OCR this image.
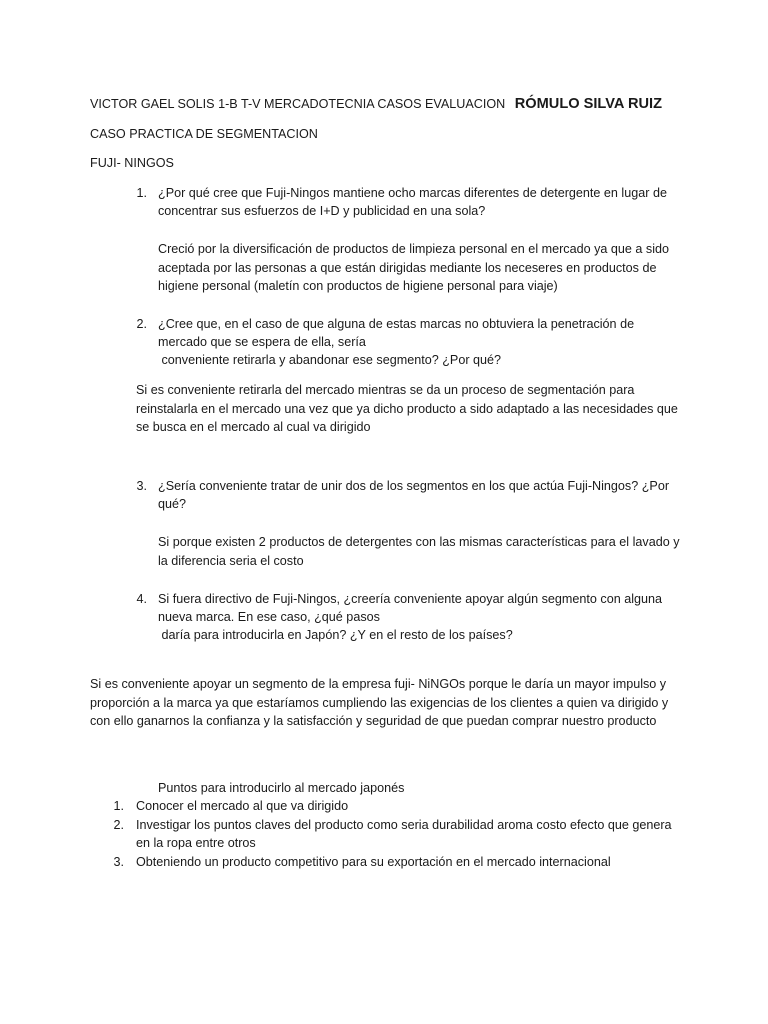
VICTOR GAEL SOLIS 1-B T-V MERCADOTECNIA CASOS EVALUACION RÓMULO SILVA RUIZ
CASO PRACTICA DE SEGMENTACION
FUJI- NINGOS
1. ¿Por qué cree que Fuji-Ningos mantiene ocho marcas diferentes de detergente en lugar de
concentrar sus esfuerzos de I+D y publicidad en una sola?
Creció por la diversificación de productos de limpieza personal en el mercado ya que a sido
aceptada por las personas a que están dirigidas mediante los neceseres en productos de
higiene personal (maletín con productos de higiene personal para viaje)
2. ¿Cree que, en el caso de que alguna de estas marcas no obtuviera la penetración de
mercado que se espera de ella, sería
conveniente retirarla y abandonar ese segmento? ¿Por qué?
Si es conveniente retirarla del mercado mientras se da un proceso de segmentación para
reinstalarla en el mercado una vez que ya dicho producto a sido adaptado a las necesidades que
se busca en el mercado al cual va dirigido
3. ¿Sería conveniente tratar de unir dos de los segmentos en los que actúa Fuji-Ningos? ¿Por
qué?
Si porque existen 2 productos de detergentes con las mismas características para el lavado y
la diferencia seria el costo
4. Si fuera directivo de Fuji-Ningos, ¿creería conveniente apoyar algún segmento con alguna
nueva marca. En ese caso, ¿qué pasos
daría para introducirla en Japón? ¿Y en el resto de los países?
Si es conveniente apoyar un segmento de la empresa fuji- NiNGOs porque le daría un mayor impulso y
proporción a la marca ya que estaríamos cumpliendo las exigencias de los clientes a quien va dirigido y
con ello ganarnos la confianza y la satisfacción y seguridad de que puedan comprar nuestro producto
Puntos para introducirlo al mercado japonés
1. Conocer el mercado al que va dirigido
2. Investigar los puntos claves del producto como seria durabilidad aroma costo efecto que genera
en la ropa entre otros
3. Obteniendo un producto competitivo para su exportación en el mercado internacional
